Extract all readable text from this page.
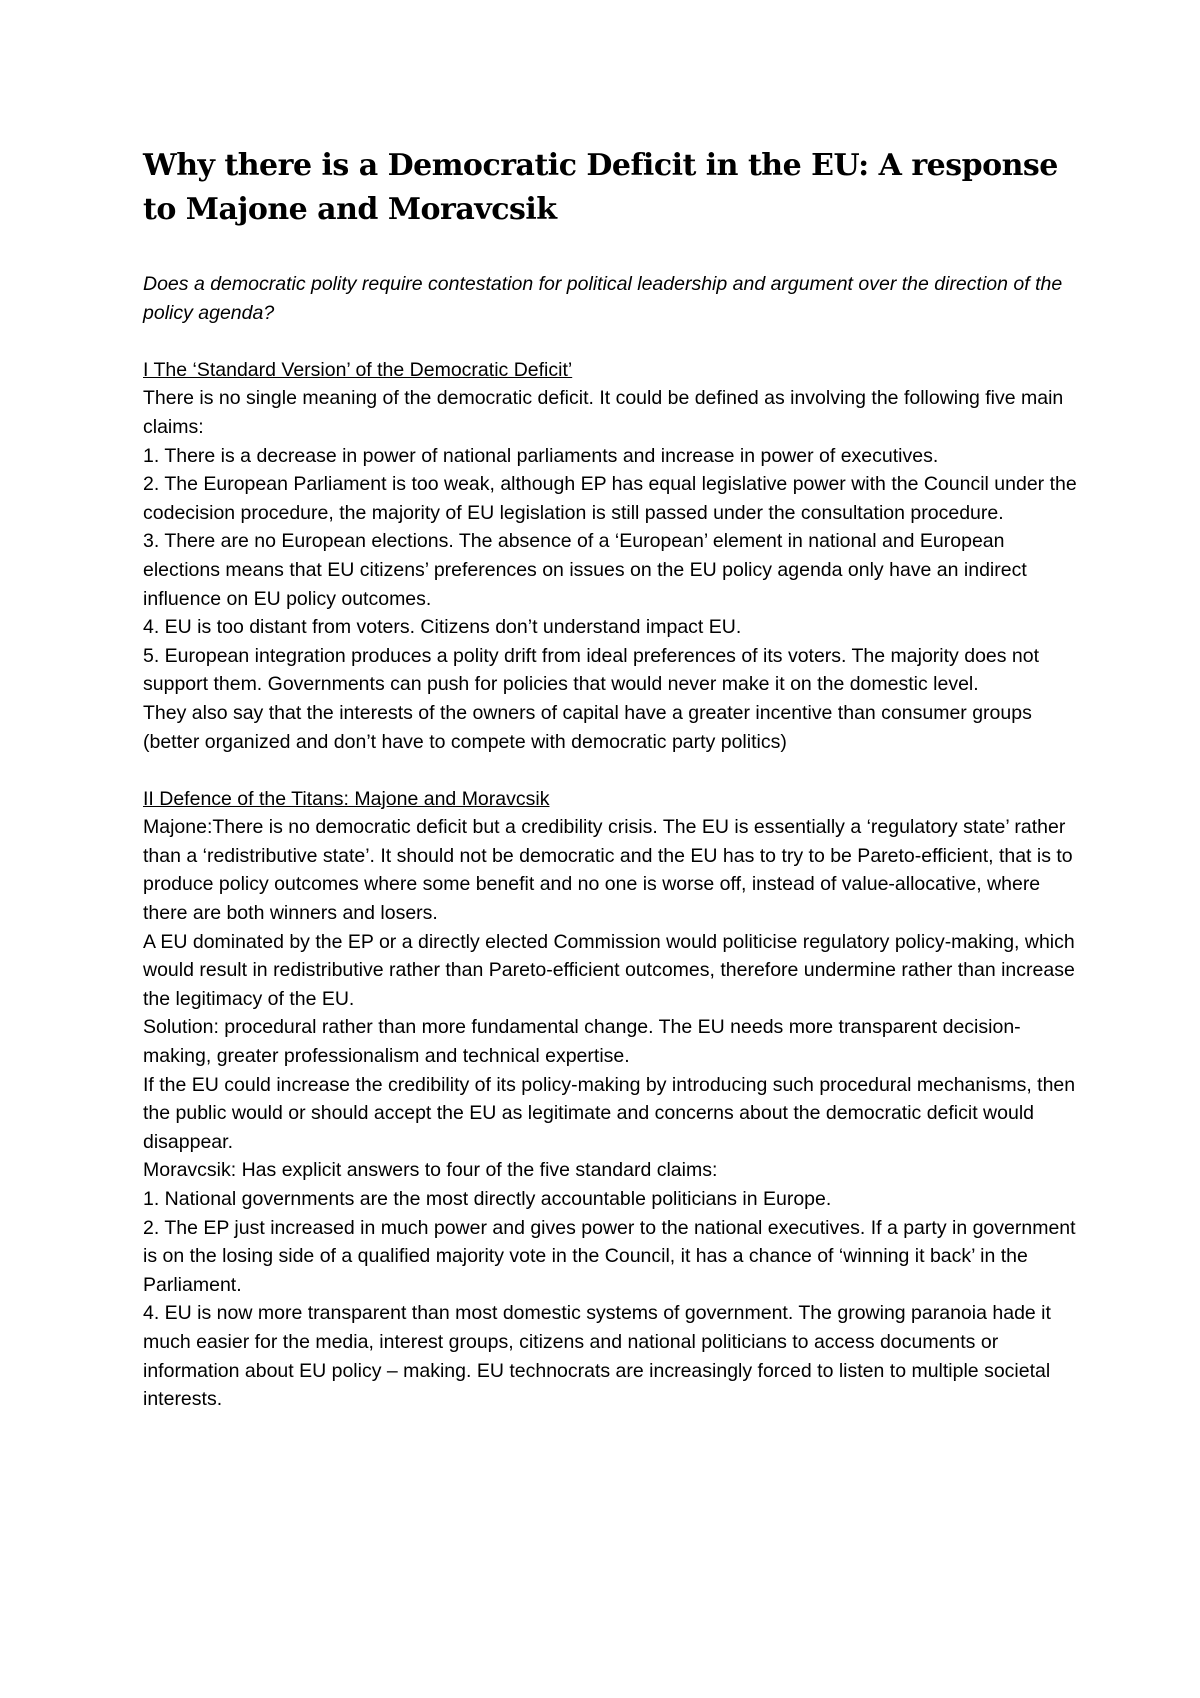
Why there is a Democratic Deficit in the EU: A response to Majone and Moravcsik

Does a democratic polity require contestation for political leadership and argument over the direction of the policy agenda?

I The ‘Standard Version’ of the Democratic Deficit’

There is no single meaning of the democratic deficit. It could be defined as involving the following five main claims:

1. There is a decrease in power of national parliaments and increase in power of executives.

2. The European Parliament is too weak, although EP has equal legislative power with the Council under the codecision procedure, the majority of EU legislation is still passed under the consultation procedure.

3. There are no European elections. The absence of a ‘European’ element in national and European elections means that EU citizens’ preferences on issues on the EU policy agenda only have an indirect influence on EU policy outcomes.

4. EU is too distant from voters. Citizens don’t understand impact EU.

5. European integration produces a polity drift from ideal preferences of its voters. The majority does not support them. Governments can push for policies that would never make it on the domestic level.

They also say that the interests of the owners of capital have a greater incentive than consumer groups (better organized and don’t have to compete with democratic party politics)

II Defence of the Titans: Majone and Moravcsik

Majone:There is no democratic deficit but a credibility crisis. The EU is essentially a ‘regulatory state’ rather than a ‘redistributive state’. It should not be democratic and the EU has to try to be Pareto-efficient, that is to produce policy outcomes where some benefit and no one is worse off, instead of value-allocative, where there are both winners and losers.

A EU dominated by the EP or a directly elected Commission would politicise regulatory policy-making, which would result in redistributive rather than Pareto-efficient outcomes, therefore undermine rather than increase the legitimacy of the EU.

Solution: procedural rather than more fundamental change. The EU needs more transparent decision-making, greater professionalism and technical expertise.

If the EU could increase the credibility of its policy-making by introducing such procedural mechanisms, then the public would or should accept the EU as legitimate and concerns about the democratic deficit would disappear.

Moravcsik: Has explicit answers to four of the five standard claims:

1. National governments are the most directly accountable politicians in Europe.

2. The EP just increased in much power and gives power to the national executives. If a party in government is on the losing side of a qualified majority vote in the Council, it has a chance of ‘winning it back’ in the Parliament.

4. EU is now more transparent than most domestic systems of government. The growing paranoia hade it much easier for the media, interest groups, citizens and national politicians to access documents or information about EU policy – making. EU technocrats are increasingly forced to listen to multiple societal interests.
